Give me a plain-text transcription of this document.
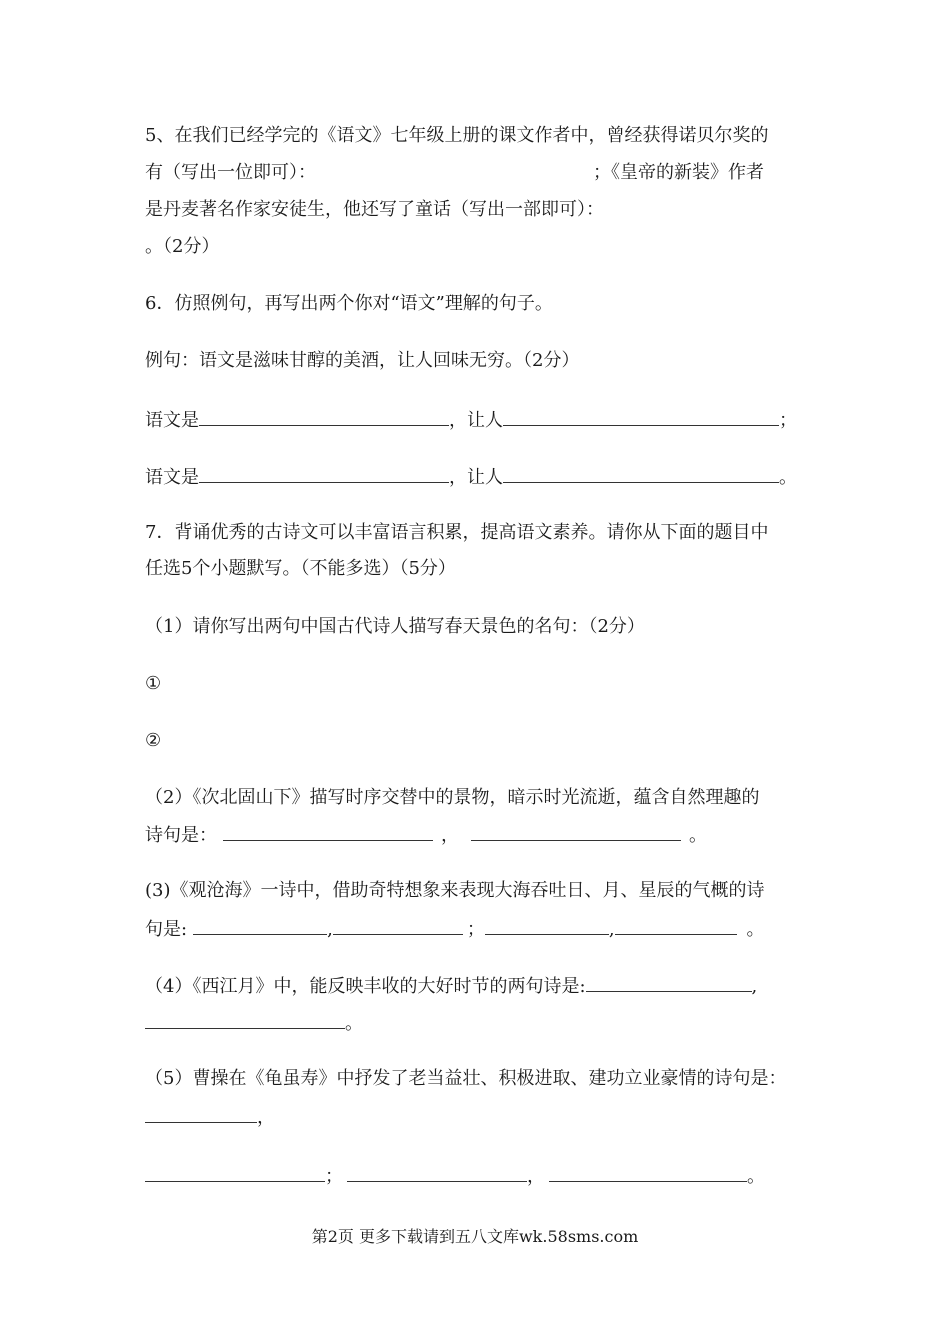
5、在我们已经学完的《语文》七年级上册的课文作者中，曾经获得诺贝尔奖的
有（写出一位即可）：	；《皇帝的新装》作者
是丹麦著名作家安徒生，他还写了童话（写出一部即可）：
。（2分）
6．仿照例句，再写出两个你对“语文”理解的句子。
例句：语文是滋味甘醇的美酒，让人回味无穷。（2分）
语文是	，让人	；
语文是	，让人	。
7．背诵优秀的古诗文可以丰富语言积累，提高语文素养。请你从下面的题目中
任选5个小题默写。（不能多选）（5分）
（1）请你写出两句中国古代诗人描写春天景色的名句：（2分）
①
②
（2）《次北固山下》描写时序交替中的景物，暗示时光流逝，蕴含自然理趣的
诗句是：	，	。
(3)《观沧海》一诗中，借助奇特想象来表现大海吞吐日、月、星辰的气概的诗
句是:	,	；	,	。
（4）《西江月》中，能反映丰收的大好时节的两句诗是:	,
。
（5）曹操在《龟虽寿》中抒发了老当益壮、积极进取、建功立业豪情的诗句是：
，
；	，	。
第2页 更多下载请到五八文库wk.58sms.com
